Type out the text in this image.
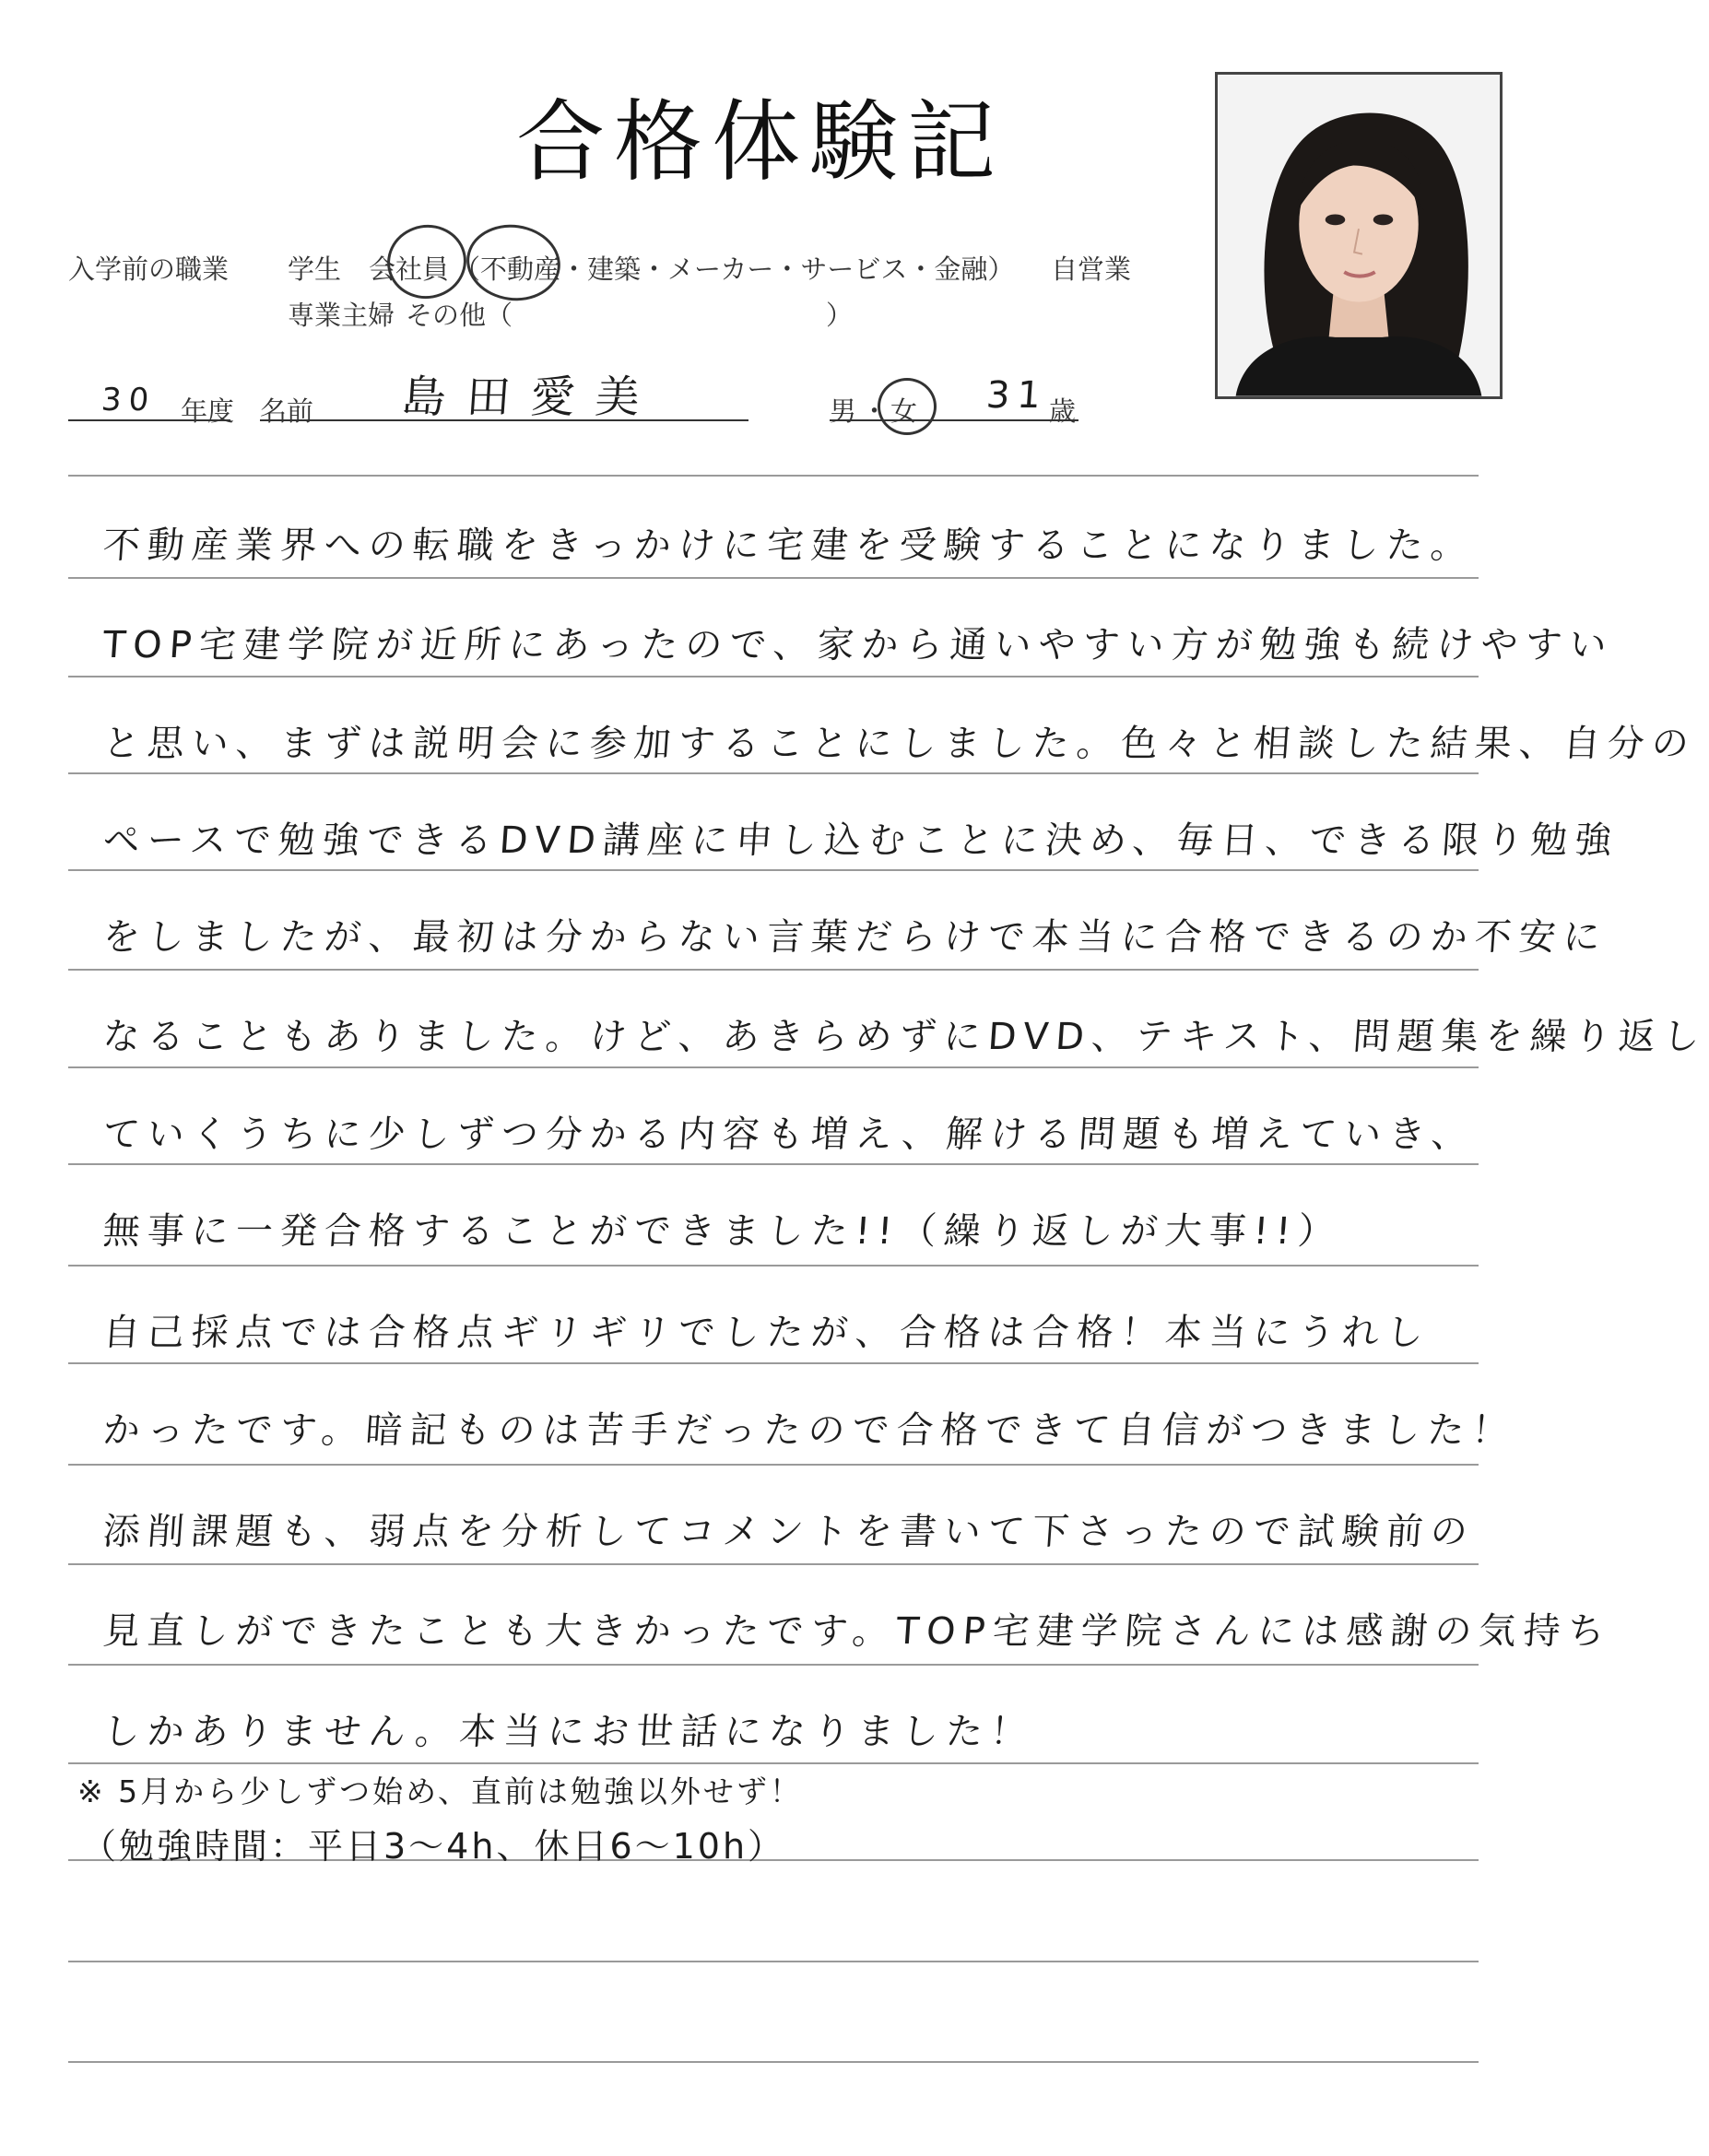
合格体験記
入学前の職業 学生 会社員 （不動産・建築・メーカー・サービス・金融） 自営業
専業主婦 その他（	）
30 年度 名前 島田愛美	男 ・ 女 31 歳
不動産業界への転職をきっかけに宅建を受験することになりました。
TOP宅建学院が近所にあったので、家から通いやすい方が勉強も続けやすい
と思い、まずは説明会に参加することにしました。色々と相談した結果、自分の
ペースで勉強できるDVD講座に申し込むことに決め、毎日、できる限り勉強
をしましたが、最初は分からない言葉だらけで本当に合格できるのか不安に
なることもありました。けど、あきらめずにDVD、テキスト、問題集を繰り返し
ていくうちに少しずつ分かる内容も増え、解ける問題も増えていき、
無事に一発合格することができました!!（繰り返しが大事!!）
自己採点では合格点ギリギリでしたが、合格は合格！本当にうれし
かったです。暗記ものは苦手だったので合格できて自信がつきました！
添削課題も、弱点を分析してコメントを書いて下さったので試験前の
見直しができたことも大きかったです。TOP宅建学院さんには感謝の気持ち
しかありません。本当にお世話になりました！
※ 5月から少しずつ始め、直前は勉強以外せず！
（勉強時間：平日3〜4h、休日6〜10h）
